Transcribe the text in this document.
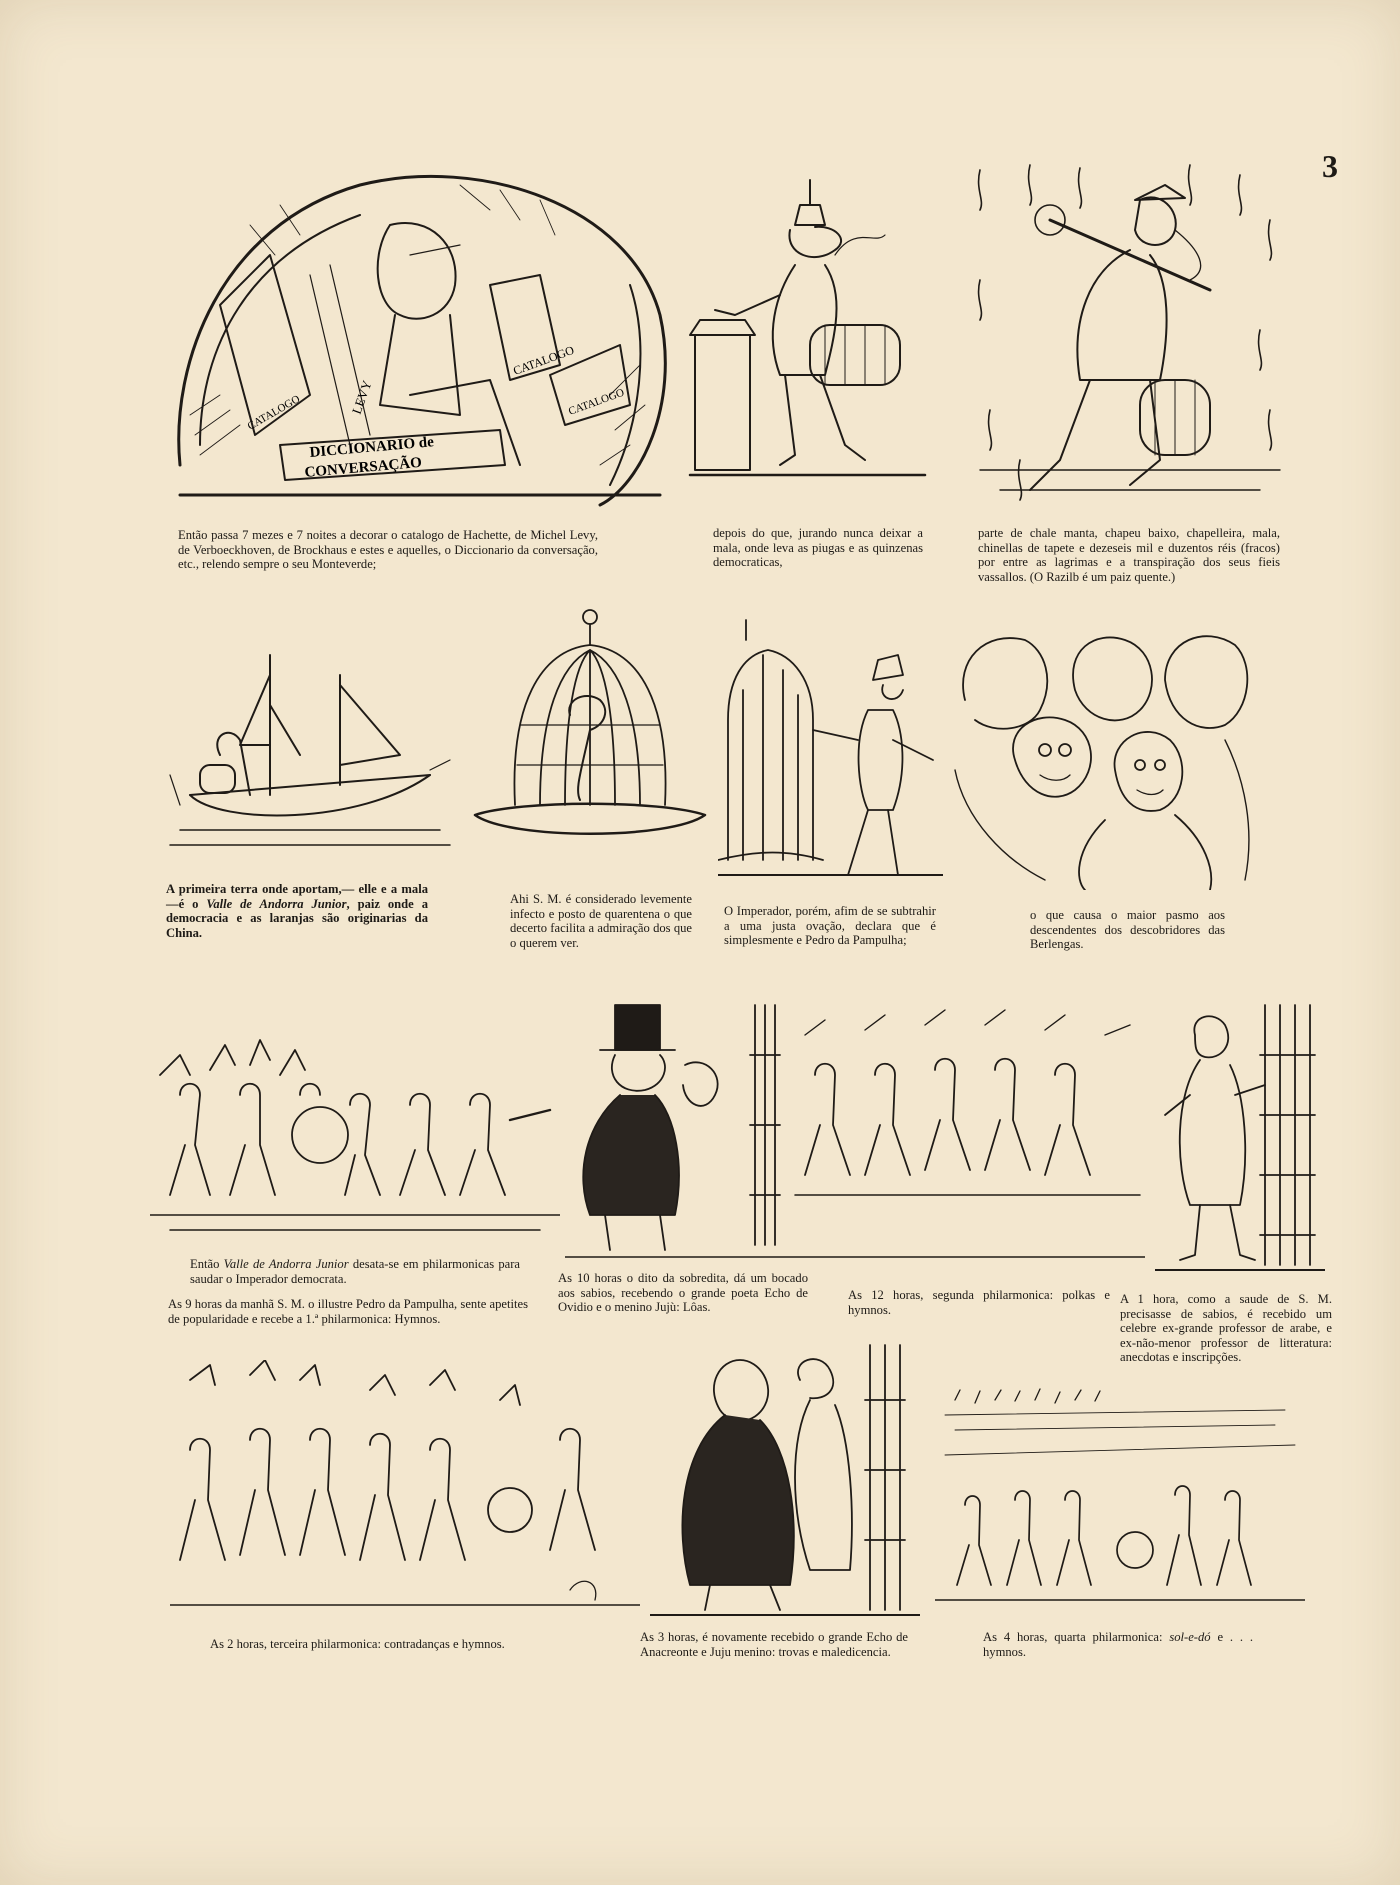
3
DICCIONARIO de
CONVERSAÇÃO
LEVY
CATALOGO
CATALOGO	CATALOGO
Então passa 7 mezes e 7 noites a decorar o catalogo de Hachette, de Michel Levy, de Verboeckhoven, de Brockhaus e estes e aquelles, o Diccionario da conversação, etc., relendo sempre o seu Monteverde;
depois do que, jurando nunca deixar a mala, onde leva as piugas e as quinzenas democraticas,
parte de chale manta, chapeu baixo, chapelleira, mala, chinellas de tapete e dezeseis mil e duzentos réis (fracos) por entre as lagrimas e a transpiração dos seus fieis vassallos. (O Razilb é um paiz quente.)
A primeira terra onde aportam,— elle e a mala—é o Valle de Andorra Junior, paiz onde a democracia e as laranjas são originarias da China.
Ahi S. M. é considerado levemente infecto e posto de quarentena o que decerto facilita a admiração dos que o querem ver.
O Imperador, porém, afim de se subtrahir a uma justa ovação, declara que é simplesmente e Pedro da Pampulha;
o que causa o maior pasmo aos descendentes dos descobridores das Berlengas.
Então Valle de Andorra Junior desata-se em philarmonicas para saudar o Imperador democrata.
As 9 horas da manhã S. M. o illustre Pedro da Pampulha, sente apetites de popularidade e recebe a 1.ª philarmonica: Hymnos.
As 10 horas o dito da sobredita, dá um bocado aos sabios, recebendo o grande poeta Echo de Ovidio e o menino Jujù: Lôas.
As 12 horas, segunda philarmonica: polkas e hymnos.
A 1 hora, como a saude de S. M. precisasse de sabios, é recebido um celebre ex-grande professor de arabe, e ex-não-menor professor de litteratura: anecdotas e inscripções.
As 2 horas, terceira philarmonica: contradanças e hymnos.	As 3 horas, é novamente recebido o grande Echo de Anacreonte e Juju menino: trovas e maledicencia.
As 4 horas, quarta philarmonica: sol-e-dó e . . . hymnos.
